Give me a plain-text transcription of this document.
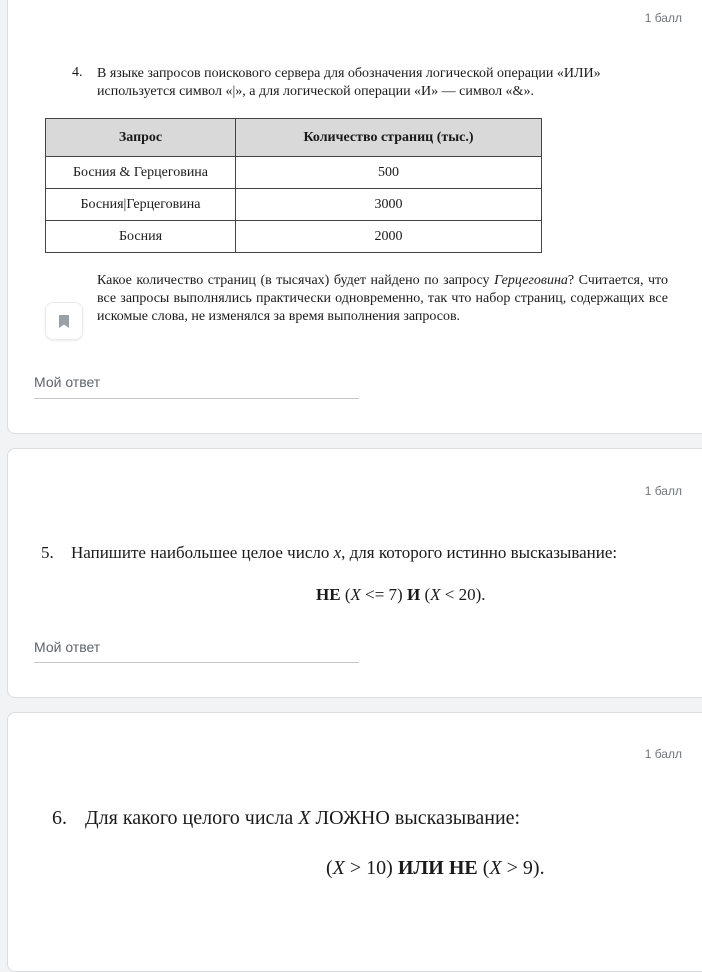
1 балл
4. В языке запросов поискового сервера для обозначения логической операции «ИЛИ»
используется символ «|», а для логической операции «И» — символ «&».
Запрос	Количество страниц (тыс.)
Босния & Герцеговина	500
Босния|Герцеговина	3000
Босния	2000
Какое количество страниц (в тысячах) будет найдено по запросу Герцеговина? Считается, что все запросы выполнялись практически одновременно, так что набор страниц, содержащих все искомые слова, не изменялся за время выполнения запросов.
Мой ответ
1 балл
5. Напишите наибольшее целое число x, для которого истинно высказывание:
НЕ (X <= 7) И (X < 20).
Мой ответ
1 балл
6. Для какого целого числа X ЛОЖНО высказывание:
(X > 10) ИЛИ НЕ (X > 9).
